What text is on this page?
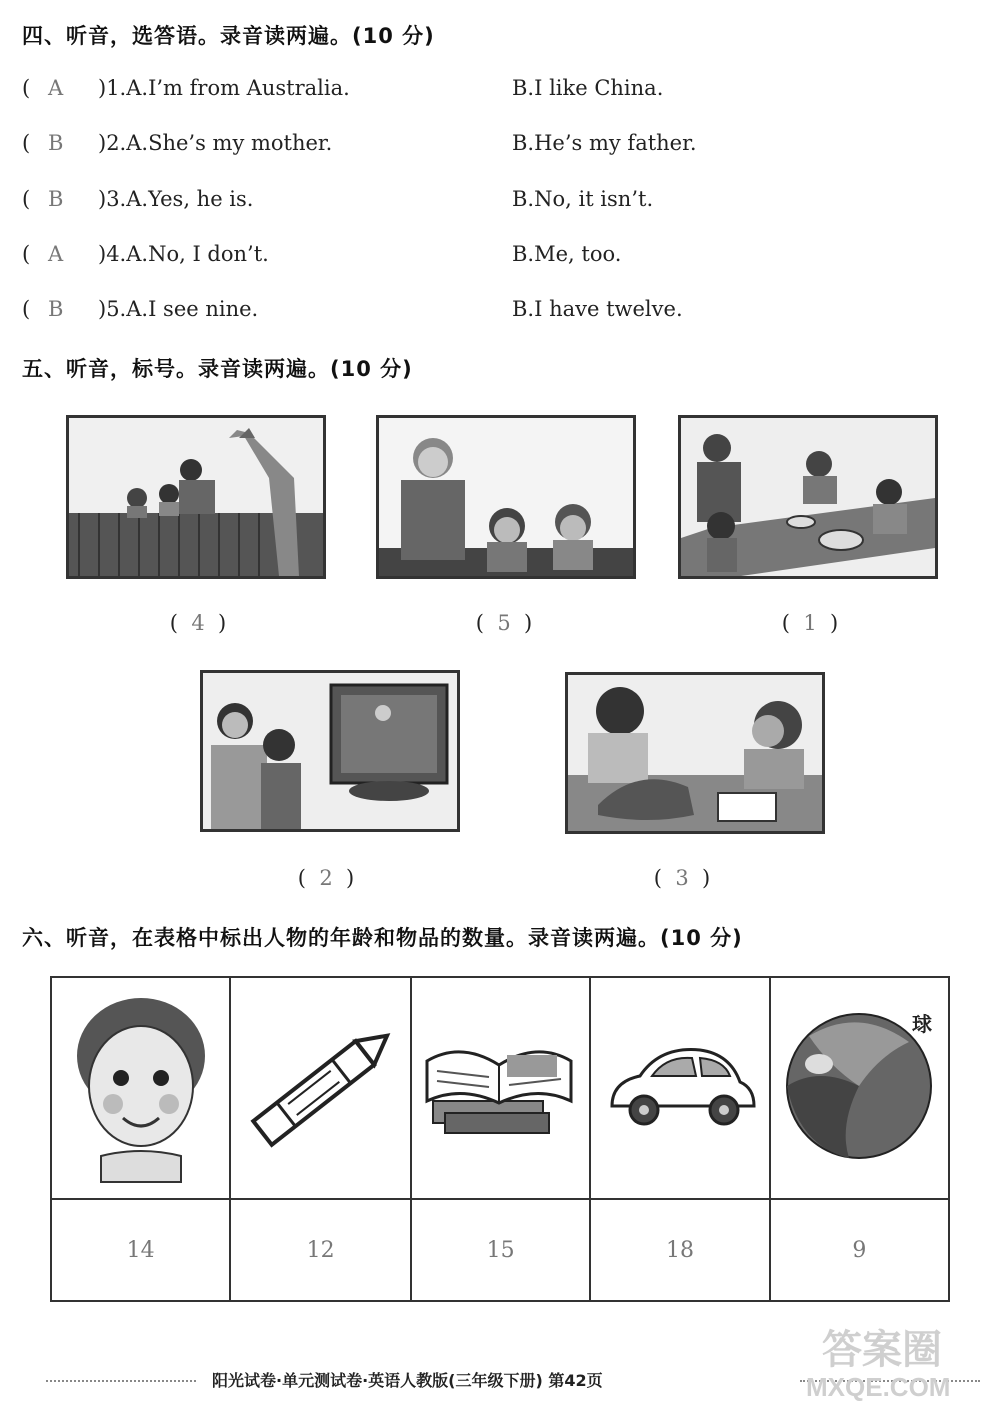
四、听音，选答语。录音读两遍。(10 分)
( A )1.A.I’m from Australia.	B.I like China.
( B )2.A.She’s my mother.	B.He’s my father.
( B )3.A.Yes, he is.	B.No, it isn’t.
( A )4.A.No, I don’t.	B.Me, too.
( B )5.A.I see nine.	B.I have twelve.
五、听音，标号。录音读两遍。(10 分)
( 4 )	( 5 )	( 1 )
( 2 )	( 3 )
六、听音，在表格中标出人物的年龄和物品的数量。录音读两遍。(10 分)

球

14	12	15	18	9
阳光试卷·单元测试卷·英语人教版(三年级下册) 第42页
答案圈
MXQE.COM
